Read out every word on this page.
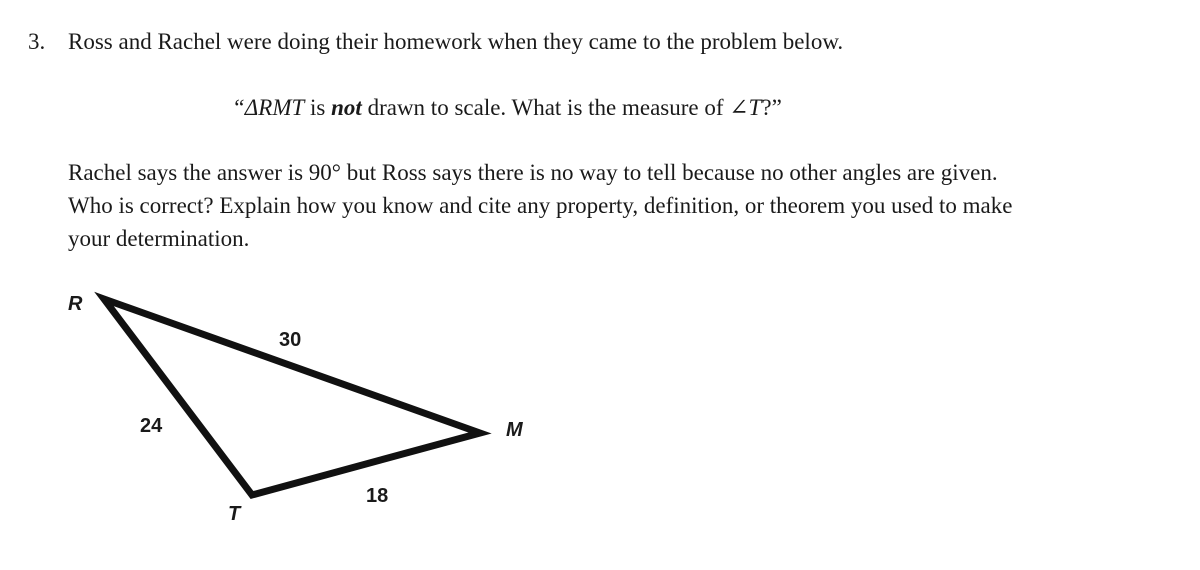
3. Ross and Rachel were doing their homework when they came to the problem below.
“ΔRMT is not drawn to scale. What is the measure of ∠T?”
Rachel says the answer is 90° but Ross says there is no way to tell because no other angles are given.
Who is correct? Explain how you know and cite any property, definition, or theorem you used to make
your determination.
R
M
T
30
24
18
